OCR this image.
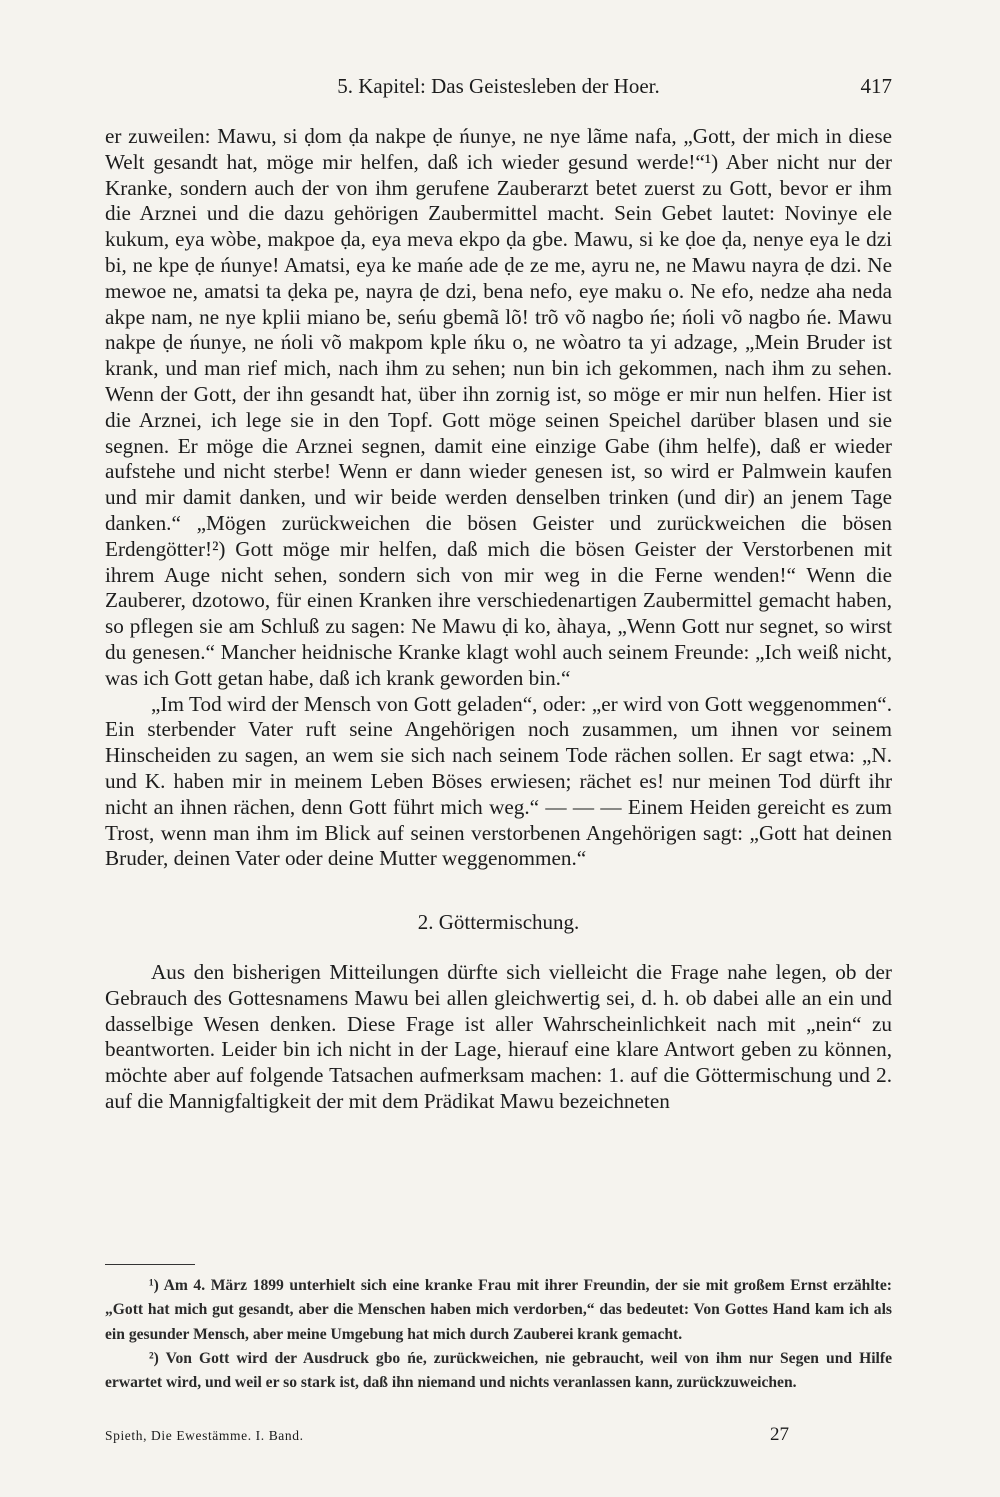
5. Kapitel: Das Geistesleben der Hoer.	417

er zuweilen: Mawu, si ḍom ḍa nakpe ḍe ńunye, ne nye lãme nafa, „Gott, der mich in diese Welt gesandt hat, möge mir helfen, daß ich wieder gesund werde!“¹) Aber nicht nur der Kranke, sondern auch der von ihm gerufene Zauberarzt betet zuerst zu Gott, bevor er ihm die Arznei und die dazu gehörigen Zaubermittel macht. Sein Gebet lautet: Novinye ele kukum, eya wòbe, makpoe ḍa, eya meva ekpo ḍa gbe. Mawu, si ke ḍoe ḍa, nenye eya le dzi bi, ne kpe ḍe ńunye! Amatsi, eya ke mańe ade ḍe ze me, ayru ne, ne Mawu nayra ḍe dzi. Ne mewoe ne, amatsi ta ḍeka pe, nayra ḍe dzi, bena nefo, eye maku o. Ne efo, nedze aha neda akpe nam, ne nye kplii miano be, seńu gbemã lõ! trõ võ nagbo ńe; ńoli võ nagbo ńe. Mawu nakpe ḍe ńunye, ne ńoli võ makpom kple ńku o, ne wòatro ta yi adzage, „Mein Bruder ist krank, und man rief mich, nach ihm zu sehen; nun bin ich gekommen, nach ihm zu sehen. Wenn der Gott, der ihn gesandt hat, über ihn zornig ist, so möge er mir nun helfen. Hier ist die Arznei, ich lege sie in den Topf. Gott möge seinen Speichel darüber blasen und sie segnen. Er möge die Arznei segnen, damit eine einzige Gabe (ihm helfe), daß er wieder aufstehe und nicht sterbe! Wenn er dann wieder genesen ist, so wird er Palmwein kaufen und mir damit danken, und wir beide werden denselben trinken (und dir) an jenem Tage danken.“ „Mögen zurückweichen die bösen Geister und zurückweichen die bösen Erdengötter!²) Gott möge mir helfen, daß mich die bösen Geister der Verstorbenen mit ihrem Auge nicht sehen, sondern sich von mir weg in die Ferne wenden!“ Wenn die Zauberer, dzotowo, für einen Kranken ihre verschiedenartigen Zaubermittel gemacht haben, so pflegen sie am Schluß zu sagen: Ne Mawu ḍi ko, àhaya, „Wenn Gott nur segnet, so wirst du genesen.“ Mancher heidnische Kranke klagt wohl auch seinem Freunde: „Ich weiß nicht, was ich Gott getan habe, daß ich krank geworden bin.“

„Im Tod wird der Mensch von Gott geladen“, oder: „er wird von Gott weggenommen“. Ein sterbender Vater ruft seine Angehörigen noch zusammen, um ihnen vor seinem Hinscheiden zu sagen, an wem sie sich nach seinem Tode rächen sollen. Er sagt etwa: „N. und K. haben mir in meinem Leben Böses erwiesen; rächet es! nur meinen Tod dürft ihr nicht an ihnen rächen, denn Gott führt mich weg.“ — — — Einem Heiden gereicht es zum Trost, wenn man ihm im Blick auf seinen verstorbenen Angehörigen sagt: „Gott hat deinen Bruder, deinen Vater oder deine Mutter weggenommen.“

2. Göttermischung.

Aus den bisherigen Mitteilungen dürfte sich vielleicht die Frage nahe legen, ob der Gebrauch des Gottesnamens Mawu bei allen gleichwertig sei, d. h. ob dabei alle an ein und dasselbige Wesen denken. Diese Frage ist aller Wahrscheinlichkeit nach mit „nein“ zu beantworten. Leider bin ich nicht in der Lage, hierauf eine klare Antwort geben zu können, möchte aber auf folgende Tatsachen aufmerksam machen: 1. auf die Göttermischung und 2. auf die Mannigfaltigkeit der mit dem Prädikat Mawu bezeichneten

¹) Am 4. März 1899 unterhielt sich eine kranke Frau mit ihrer Freundin, der sie mit großem Ernst erzählte: „Gott hat mich gut gesandt, aber die Menschen haben mich verdorben,“ das bedeutet: Von Gottes Hand kam ich als ein gesunder Mensch, aber meine Umgebung hat mich durch Zauberei krank gemacht.

²) Von Gott wird der Ausdruck gbo ńe, zurückweichen, nie gebraucht, weil von ihm nur Segen und Hilfe erwartet wird, und weil er so stark ist, daß ihn niemand und nichts veranlassen kann, zurückzuweichen.

Spieth, Die Ewestämme. I. Band.	27
